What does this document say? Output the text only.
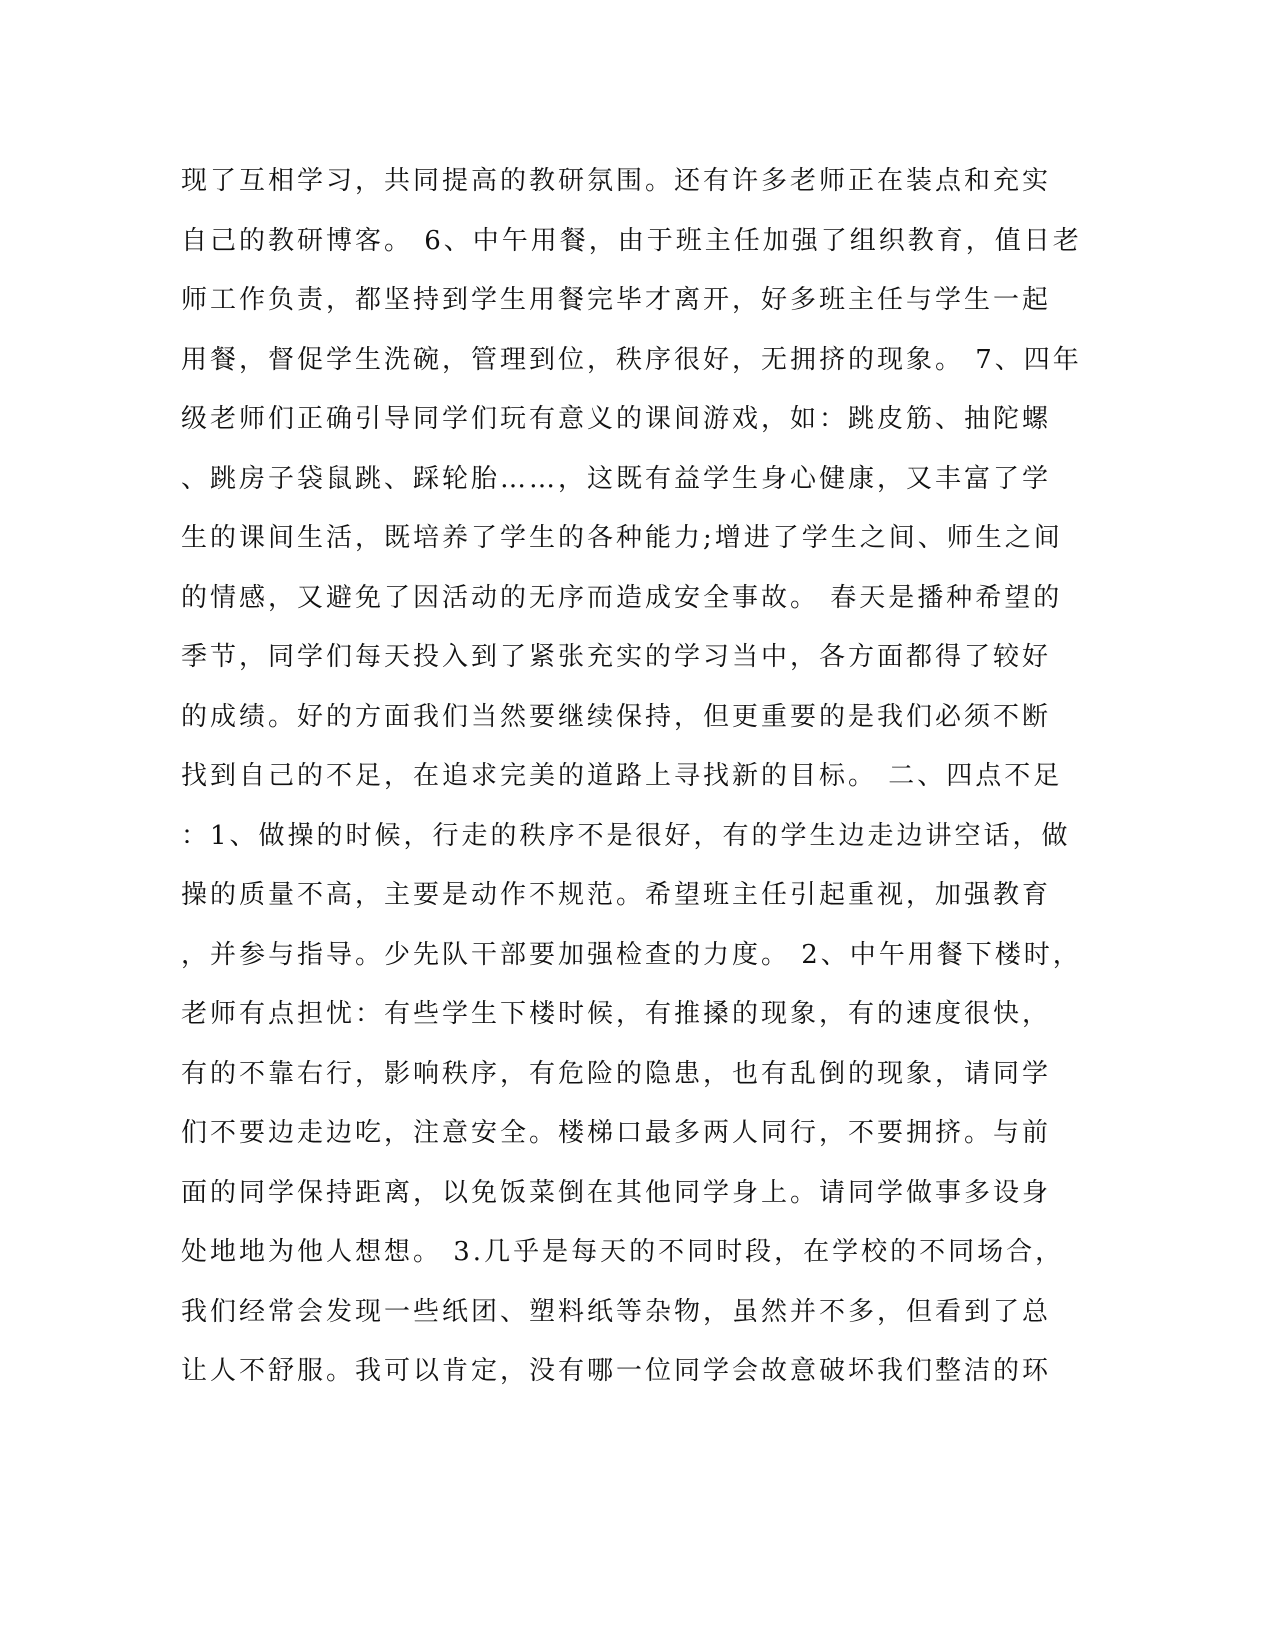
现了互相学习，共同提高的教研氛围。还有许多老师正在装点和充实
自己的教研博客。 6、中午用餐，由于班主任加强了组织教育，值日老
师工作负责，都坚持到学生用餐完毕才离开，好多班主任与学生一起
用餐，督促学生洗碗，管理到位，秩序很好，无拥挤的现象。 7、四年
级老师们正确引导同学们玩有意义的课间游戏，如：跳皮筋、抽陀螺
、跳房子袋鼠跳、踩轮胎……，这既有益学生身心健康，又丰富了学
生的课间生活，既培养了学生的各种能力;增进了学生之间、师生之间
的情感，又避免了因活动的无序而造成安全事故。 春天是播种希望的
季节，同学们每天投入到了紧张充实的学习当中，各方面都得了较好
的成绩。好的方面我们当然要继续保持，但更重要的是我们必须不断
找到自己的不足，在追求完美的道路上寻找新的目标。 二、四点不足
：1、做操的时候，行走的秩序不是很好，有的学生边走边讲空话，做
操的质量不高，主要是动作不规范。希望班主任引起重视，加强教育
，并参与指导。少先队干部要加强检查的力度。 2、中午用餐下楼时，
老师有点担忧：有些学生下楼时候，有推搡的现象，有的速度很快，
有的不靠右行，影响秩序，有危险的隐患，也有乱倒的现象，请同学
们不要边走边吃，注意安全。楼梯口最多两人同行，不要拥挤。与前
面的同学保持距离，以免饭菜倒在其他同学身上。请同学做事多设身
处地地为他人想想。 3.几乎是每天的不同时段，在学校的不同场合，
我们经常会发现一些纸团、塑料纸等杂物，虽然并不多，但看到了总
让人不舒服。我可以肯定，没有哪一位同学会故意破坏我们整洁的环
